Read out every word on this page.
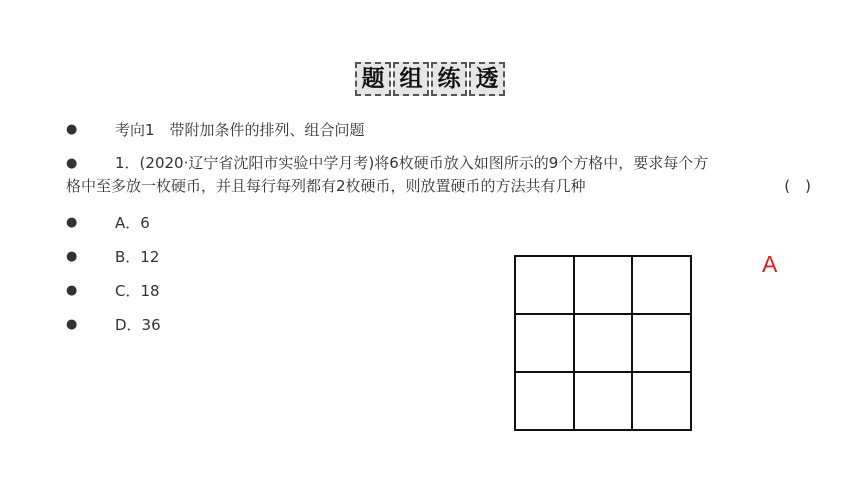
题 组 练 透
●	考向1　带附加条件的排列、组合问题
●	1．(2020·辽宁省沈阳市实验中学月考)将6枚硬币放入如图所示的9个方格中，要求每个方
格中至多放一枚硬币，并且每行每列都有2枚硬币，则放置硬币的方法共有几种	(　)
●	A．6
●	B．12
●	C．18
●	D．36
A
